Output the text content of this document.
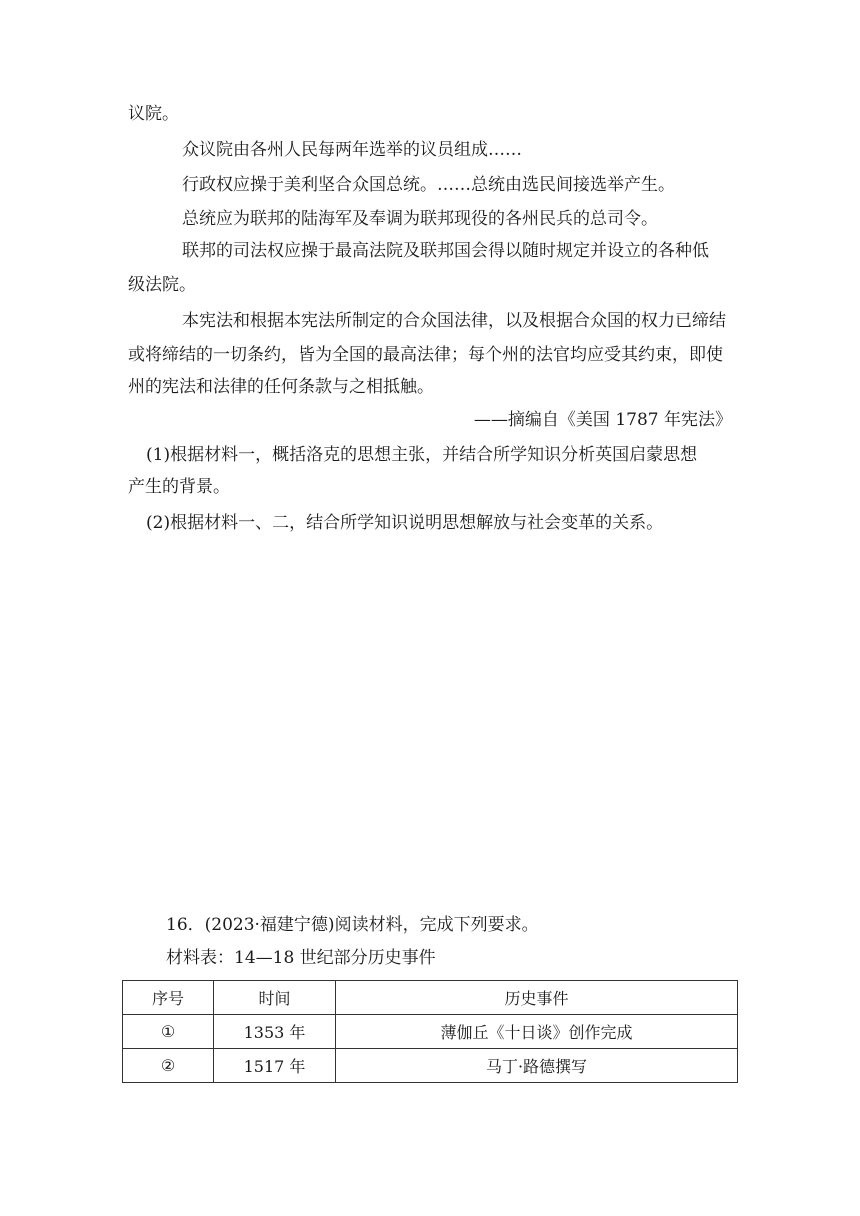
议院。
众议院由各州人民每两年选举的议员组成……
行政权应操于美利坚合众国总统。……总统由选民间接选举产生。
总统应为联邦的陆海军及奉调为联邦现役的各州民兵的总司令。
联邦的司法权应操于最高法院及联邦国会得以随时规定并设立的各种低
级法院。
本宪法和根据本宪法所制定的合众国法律，以及根据合众国的权力已缔结
或将缔结的一切条约，皆为全国的最高法律；每个州的法官均应受其约束，即使
州的宪法和法律的任何条款与之相抵触。
——摘编自《美国 1787 年宪法》
(1)根据材料一，概括洛克的思想主张，并结合所学知识分析英国启蒙思想
产生的背景。
(2)根据材料一、二，结合所学知识说明思想解放与社会变革的关系。
16．(2023·福建宁德)阅读材料，完成下列要求。
材料表：14—18 世纪部分历史事件
序号	时间	历史事件
①	1353 年	薄伽丘《十日谈》创作完成
②	1517 年	马丁·路德撰写
